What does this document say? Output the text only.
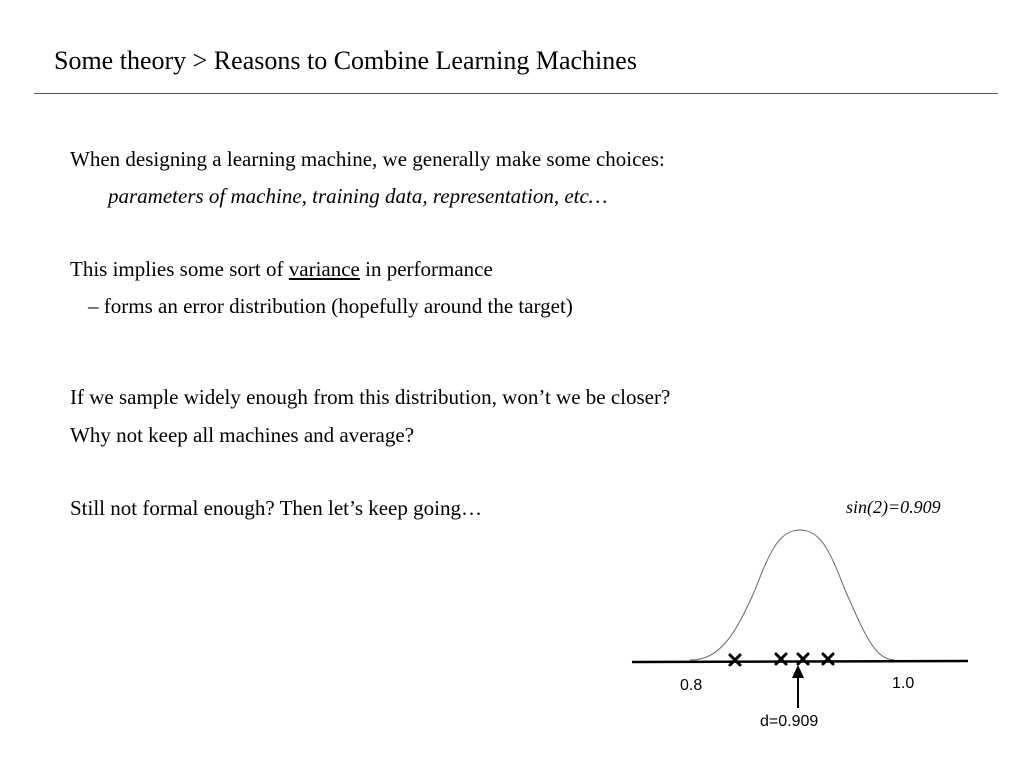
Some theory > Reasons to Combine Learning Machines
When designing a learning machine, we generally make some choices:
parameters of machine, training data, representation, etc…
This implies some sort of variance in performance
– forms an error distribution (hopefully around the target)
If we sample widely enough from this distribution, won’t we be closer?
Why not keep all machines and average?
Still not formal enough? Then let’s keep going…	sin(2)=0.909
0.8	1.0
d=0.909
